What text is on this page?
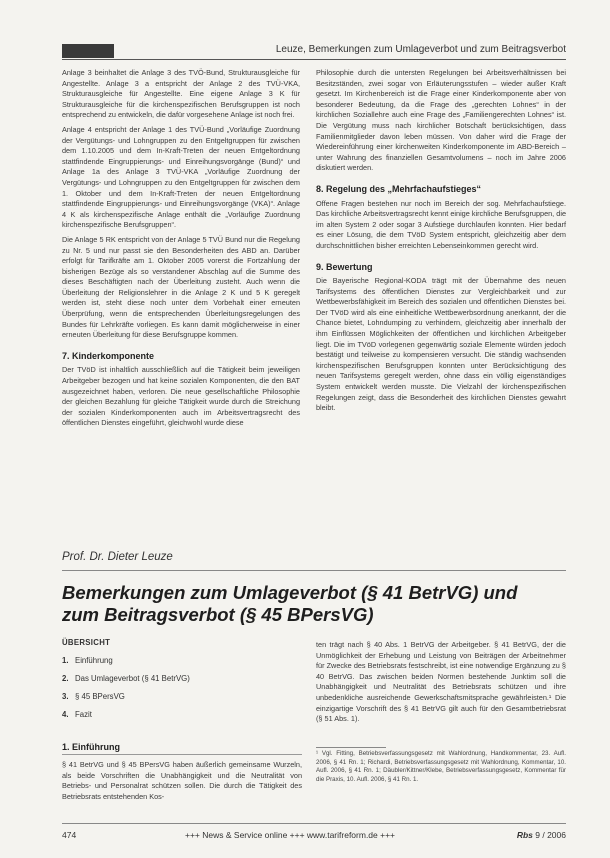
Leuze, Bemerkungen zum Umlageverbot und zum Beitragsverbot

Anlage 3 beinhaltet die Anlage 3 des TVÖ-Bund, Strukturausgleiche für Angestellte. Anlage 3 a entspricht der Anlage 2 des TVÜ-VKA, Strukturausgleiche für Angestellte. Eine eigene Anlage 3 K für Strukturausgleiche für die kirchenspezifischen Berufsgruppen ist noch entsprechend zu entwickeln, die dafür vorgesehene Anlage ist noch frei.

Anlage 4 entspricht der Anlage 1 des TVÜ-Bund „Vorläufige Zuordnung der Vergütungs- und Lohngruppen zu den Entgeltgruppen für zwischen dem 1.10.2005 und dem In-Kraft-Treten der neuen Entgeltordnung stattfindende Eingruppierungs- und Einreihungsvorgänge (Bund)“ und Anlage 1a des Anlage 3 TVÜ-VKA „Vorläufige Zuordnung der Vergütungs- und Lohngruppen zu den Entgeltgruppen für zwischen dem 1. Oktober und dem In-Kraft-Treten der neuen Entgeltordnung stattfindende Eingruppierungs- und Einreihungsvorgänge (VKA)“. Anlage 4 K als kirchenspezifische Anlage enthält die „Vorläufige Zuordnung kirchenspezifische Berufsgruppen“.

Die Anlage 5 RK entspricht von der Anlage 5 TVÜ Bund nur die Regelung zu Nr. 5 und nur passt sie den Besonderheiten des ABD an. Darüber erfolgt für Tarifkräfte am 1. Oktober 2005 vorerst die Fortzahlung der bisherigen Bezüge als so verstandener Abschlag auf die Summe des dieses Beschäftigten nach der Überleitung zusteht. Auch wenn die Überleitung der Religionslehrer in die Anlage 2 K und 5 K geregelt werden ist, steht diese noch unter dem Vorbehalt einer erneuten Überprüfung, wenn die entsprechenden Überleitungsregelungen des Bundes für Lehrkräfte vorliegen. Es kann damit möglicherweise in einer erneuten Überleitung für diese Berufsgruppe kommen.

7. Kinderkomponente

Der TVöD ist inhaltlich ausschließlich auf die Tätigkeit beim jeweiligen Arbeitgeber bezogen und hat keine sozialen Komponenten, die den BAT ausgezeichnet haben, verloren. Die neue gesellschaftliche Philosophie der gleichen Bezahlung für gleiche Tätigkeit wurde durch die Streichung der sozialen Kinderkomponenten auch im Arbeitsvertragsrecht des öffentlichen Dienstes eingeführt, gleichwohl wurde diese

Philosophie durch die untersten Regelungen bei Arbeitsverhältnissen bei Besitzständen, zwei sogar von Erläuterungsstufen – wieder außer Kraft gesetzt. Im Kirchenbereich ist die Frage einer Kinderkomponente aber von besonderer Bedeutung, da die Frage des „gerechten Lohnes“ in der kirchlichen Soziallehre auch eine Frage des „Familiengerechten Lohnes“ ist. Die Vergütung muss nach kirchlicher Botschaft berücksichtigen, dass Familienmitglieder davon leben müssen. Von daher wird die Frage der Wiedereinführung einer kirchenweiten Kinderkomponente im ABD-Bereich – unter Wahrung des finanziellen Gesamtvolumens – noch im Jahre 2006 diskutiert werden.

8. Regelung des „Mehrfachaufstieges“

Offene Fragen bestehen nur noch im Bereich der sog. Mehrfachaufstiege. Das kirchliche Arbeitsvertragsrecht kennt einige kirchliche Berufsgruppen, die im alten System 2 oder sogar 3 Aufstiege durchlaufen konnten. Hier bedarf es einer Lösung, die dem TVöD System entspricht, gleichzeitig aber dem durchschnittlichen bisher erreichten Lebenseinkommen gerecht wird.

9. Bewertung

Die Bayerische Regional-KODA trägt mit der Übernahme des neuen Tarifsystems des öffentlichen Dienstes zur Vergleichbarkeit und zur Wettbewerbsfähigkeit im Bereich des sozialen und öffentlichen Dienstes bei. Der TVöD wird als eine einheitliche Wettbewerbsordnung anerkannt, der die Chance bietet, Lohndumping zu verhindern, gleichzeitig aber innerhalb der ihm Einflüssen Möglichkeiten der öffentlichen und kirchlichen Arbeitgeber liegt. Die im TVöD vorlegenen gegenwärtig soziale Elemente würden jedoch bestätigt und teilweise zu kompensieren versucht. Die ständig wachsenden kirchenspezifischen Berufsgruppen konnten unter Berücksichtigung des neuen Tarifsystems geregelt werden, ohne dass ein völlig eigenständiges System entwickelt werden musste. Die Vielzahl der kirchenspezifischen Regelungen zeigt, dass die Besonderheit des kirchlichen Dienstes gewahrt bleibt.

Prof. Dr. Dieter Leuze
Bemerkungen zum Umlageverbot (§ 41 BetrVG) und zum Beitragsverbot (§ 45 BPersVG)
ÜBERSICHT
1. Einführung
2. Das Umlageverbot (§ 41 BetrVG)
3. § 45 BPersVG
4. Fazit
1. Einführung
§ 41 BetrVG und § 45 BPersVG haben äußerlich gemeinsame Wurzeln, als beide Vorschriften die Unabhängigkeit und die Neutralität von Betriebs- und Personalrat schützen sollen. Die durch die Tätigkeit des Betriebsrats entstehenden Kos-
ten trägt nach § 40 Abs. 1 BetrVG der Arbeitgeber. § 41 BetrVG, der die Unmöglichkeit der Erhebung und Leistung von Beiträgen der Arbeitnehmer für Zwecke des Betriebsrats festschreibt, ist eine notwendige Ergänzung zu § 40 BetrVG. Das zwischen beiden Normen bestehende Junktim soll die Unabhängigkeit und Neutralität des Betriebsrats schützen und ihre unbedenkliche ausreichende Gewerkschaftsmitsprache gewährleisten.¹ Die einzigartige Vorschrift des § 41 BetrVG gilt auch für den Gesamtbetriebsrat (§ 51 Abs. 1).
¹ Vgl. Fitting, Betriebsverfassungsgesetz mit Wahlordnung, Handkommentar, 23. Aufl. 2006, § 41 Rn. 1; Richardi, Betriebsverfassungsgesetz mit Wahlordnung, Kommentar, 10. Aufl. 2006, § 41 Rn. 1; Däubler/Kittner/Klebe, Betriebsverfassungsgesetz, Kommentar für die Praxis, 10. Aufl. 2006, § 41 Rn. 1.
474	+++ News & Service online +++ www.tarifreform.de +++	Rbs 9 / 2006
